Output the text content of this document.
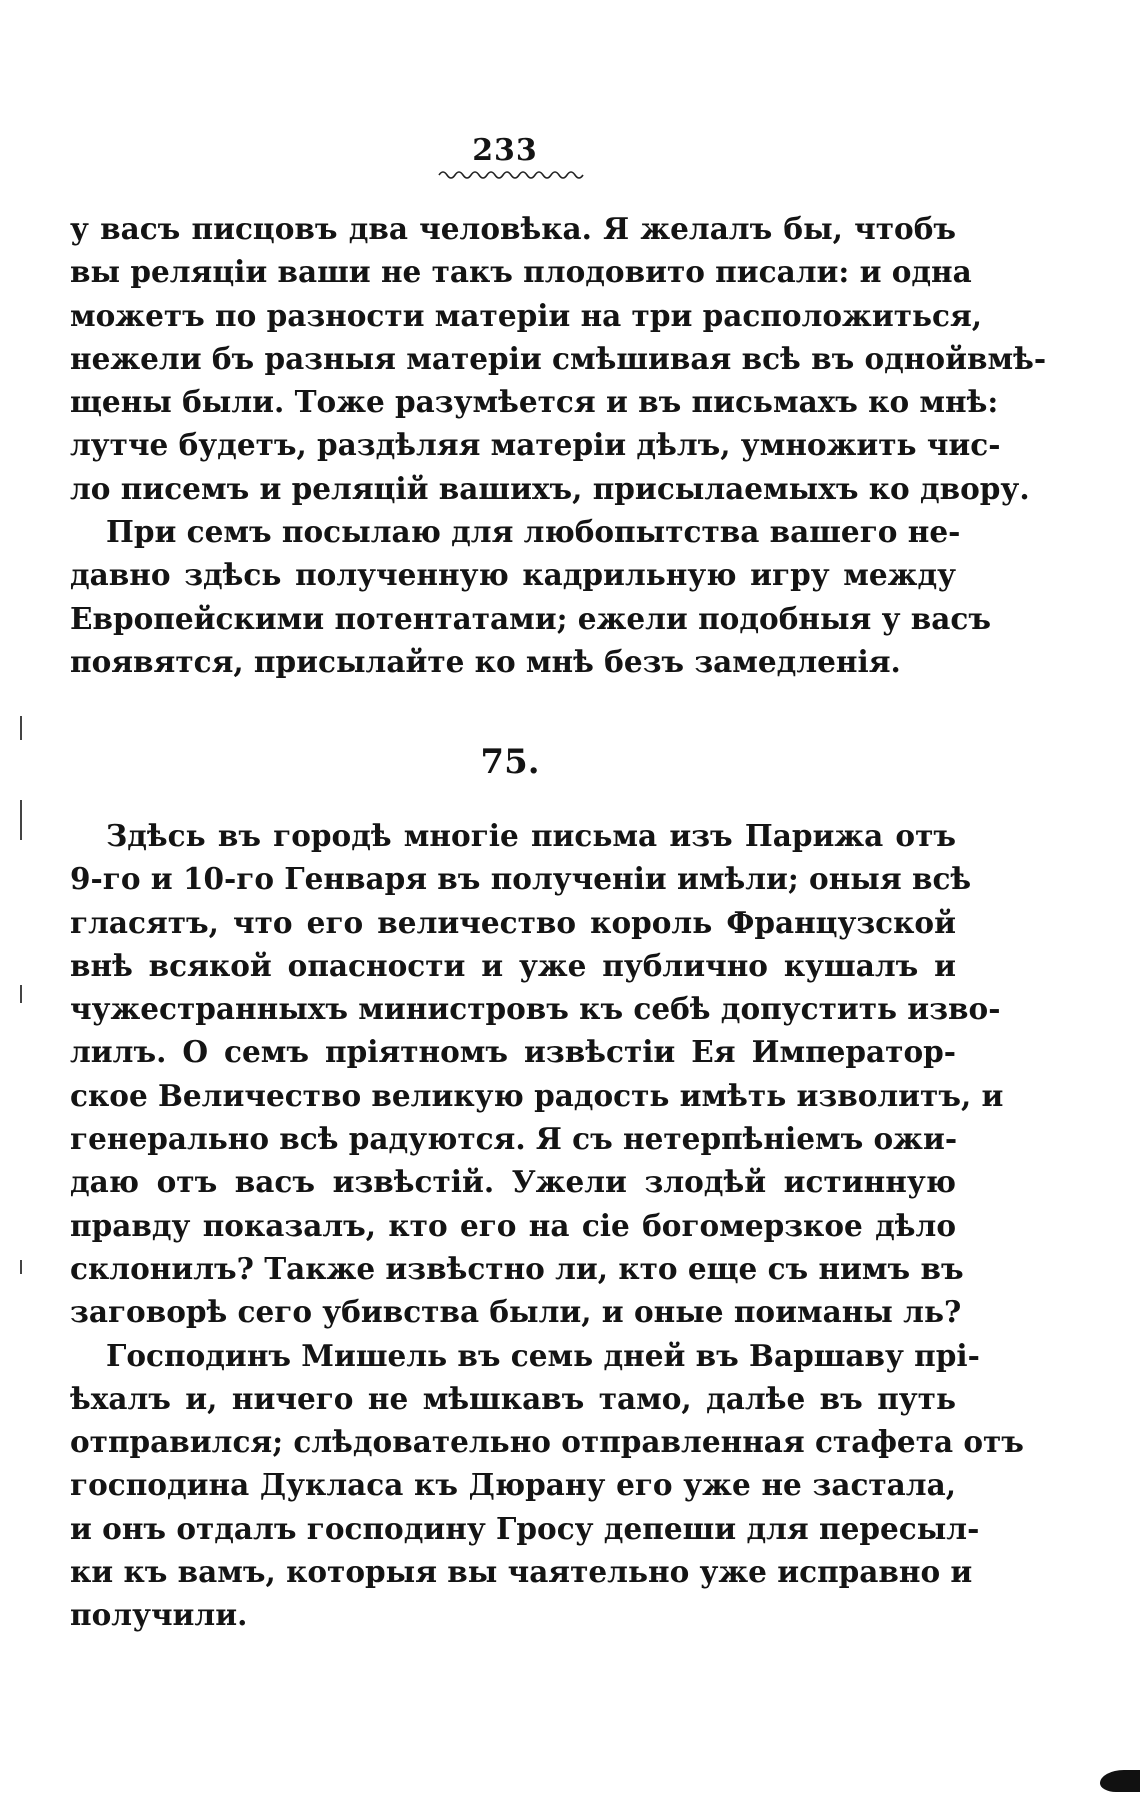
233
у васъ писцовъ два человѣка. Я желалъ бы, чтобъ
вы реляціи ваши не такъ плодовито писали: и одна
можетъ по разности матеріи на три расположиться,
нежели бъ разныя матеріи смѣшивая всѣ въ однойвмѣ-
щены были. Тоже разумѣется и въ письмахъ ко мнѣ:
лутче будетъ, раздѣляя матеріи дѣлъ, умножить чис-
ло писемъ и реляцій вашихъ, присылаемыхъ ко двору.
При семъ посылаю для любопытства вашего не-
давно здѣсь полученную кадрильную игру между
Европейскими потентатами; ежели подобныя у васъ
появятся, присылайте ко мнѣ безъ замедленія.
75.
Здѣсь въ городѣ многіе письма изъ Парижа отъ
9-го и 10-го Генваря въ полученіи имѣли; оныя всѣ
гласятъ, что его величество король Французской
внѣ всякой опасности и уже публично кушалъ и
чужестранныхъ министровъ къ себѣ допустить изво-
лилъ. О семъ пріятномъ извѣстіи Ея Император-
ское Величество великую радость имѣть изволитъ, и
генерально всѣ радуются. Я съ нетерпѣніемъ ожи-
даю отъ васъ извѣстій. Ужели злодѣй истинную
правду показалъ, кто его на сіе богомерзкое дѣло
склонилъ? Также извѣстно ли, кто еще съ нимъ въ
заговорѣ сего убивства были, и оные поиманы ль?
Господинъ Мишель въ семь дней въ Варшаву прі-
ѣхалъ и, ничего не мѣшкавъ тамо, далѣе въ путь
отправился; слѣдовательно отправленная стафета отъ
господина Дукласа къ Дюрану его уже не застала,
и онъ отдалъ господину Гросу депеши для пересыл-
ки къ вамъ, которыя вы чаятельно уже исправно и
получили.
